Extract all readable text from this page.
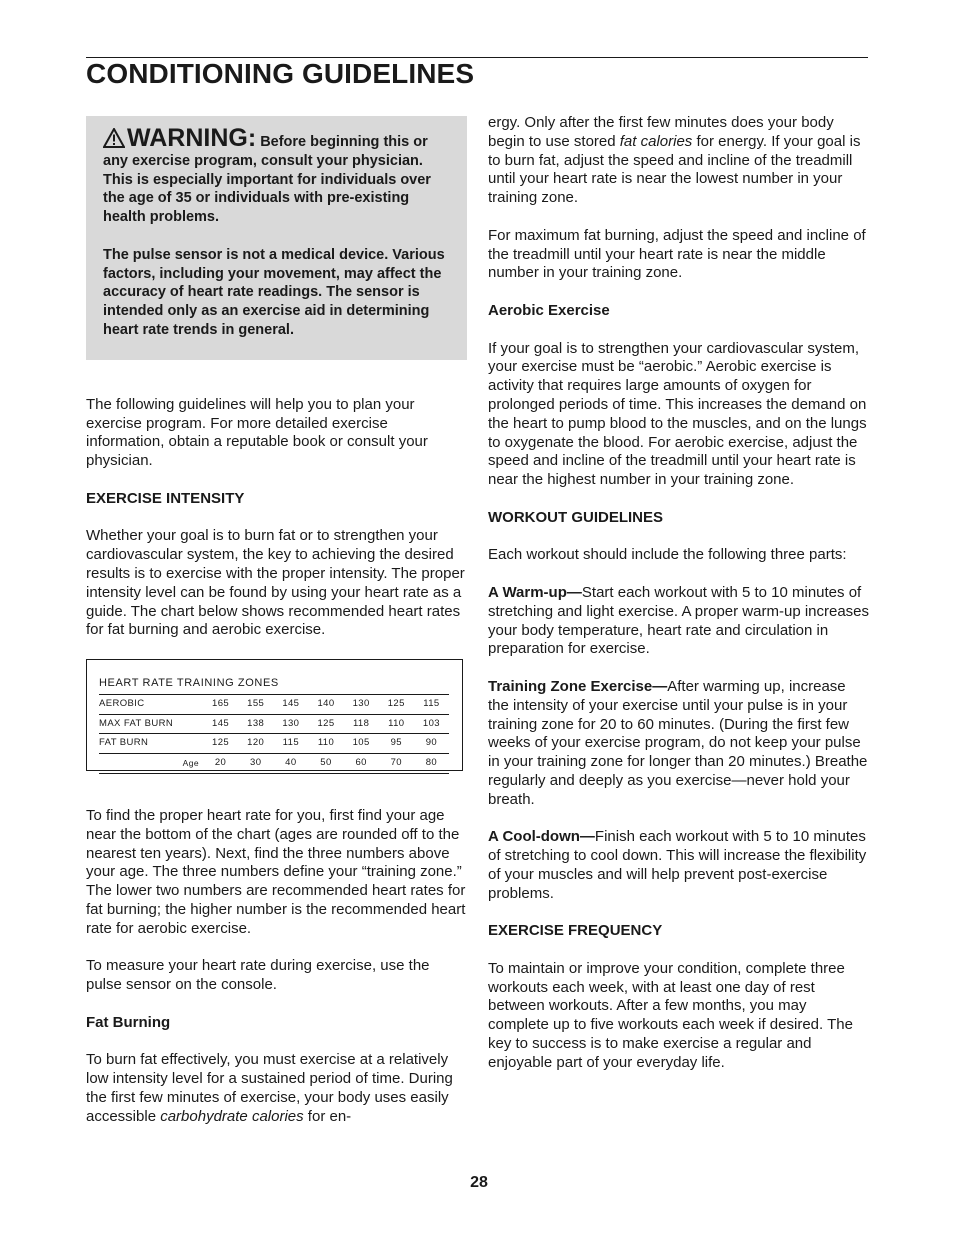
CONDITIONING GUIDELINES

WARNING: Before beginning this or any exercise program, consult your physician. This is especially important for individuals over the age of 35 or individuals with pre-existing health problems.

The pulse sensor is not a medical device. Various factors, including your movement, may affect the accuracy of heart rate readings. The sensor is intended only as an exercise aid in determining heart rate trends in general.

The following guidelines will help you to plan your exercise program. For more detailed exercise information, obtain a reputable book or consult your physician.

EXERCISE INTENSITY

Whether your goal is to burn fat or to strengthen your cardiovascular system, the key to achieving the desired results is to exercise with the proper intensity. The proper intensity level can be found by using your heart rate as a guide. The chart below shows recommended heart rates for fat burning and aerobic exercise.

HEART RATE TRAINING ZONES
AEROBIC	165	155	145	140	130	125	115
MAX FAT BURN	145	138	130	125	118	110	103
FAT BURN	125	120	115	110	105	95	90
Age	20	30	40	50	60	70	80

To find the proper heart rate for you, first find your age near the bottom of the chart (ages are rounded off to the nearest ten years). Next, find the three numbers above your age. The three numbers define your “training zone.” The lower two numbers are recommended heart rates for fat burning; the higher number is the recommended heart rate for aerobic exercise.

To measure your heart rate during exercise, use the pulse sensor on the console.

Fat Burning

To burn fat effectively, you must exercise at a relatively low intensity level for a sustained period of time. During the first few minutes of exercise, your body uses easily accessible carbohydrate calories for en-

ergy. Only after the first few minutes does your body begin to use stored fat calories for energy. If your goal is to burn fat, adjust the speed and incline of the treadmill until your heart rate is near the lowest number in your training zone.

For maximum fat burning, adjust the speed and incline of the treadmill until your heart rate is near the middle number in your training zone.

Aerobic Exercise

If your goal is to strengthen your cardiovascular system, your exercise must be “aerobic.” Aerobic exercise is activity that requires large amounts of oxygen for prolonged periods of time. This increases the demand on the heart to pump blood to the muscles, and on the lungs to oxygenate the blood. For aerobic exercise, adjust the speed and incline of the treadmill until your heart rate is near the highest number in your training zone.

WORKOUT GUIDELINES

Each workout should include the following three parts:

A Warm-up—Start each workout with 5 to 10 minutes of stretching and light exercise. A proper warm-up increases your body temperature, heart rate and circulation in preparation for exercise.

Training Zone Exercise—After warming up, increase the intensity of your exercise until your pulse is in your training zone for 20 to 60 minutes. (During the first few weeks of your exercise program, do not keep your pulse in your training zone for longer than 20 minutes.) Breathe regularly and deeply as you exercise—never hold your breath.

A Cool-down—Finish each workout with 5 to 10 minutes of stretching to cool down. This will increase the flexibility of your muscles and will help prevent post-exercise problems.

EXERCISE FREQUENCY

To maintain or improve your condition, complete three workouts each week, with at least one day of rest between workouts. After a few months, you may complete up to five workouts each week if desired. The key to success is to make exercise a regular and enjoyable part of your everyday life.

28
